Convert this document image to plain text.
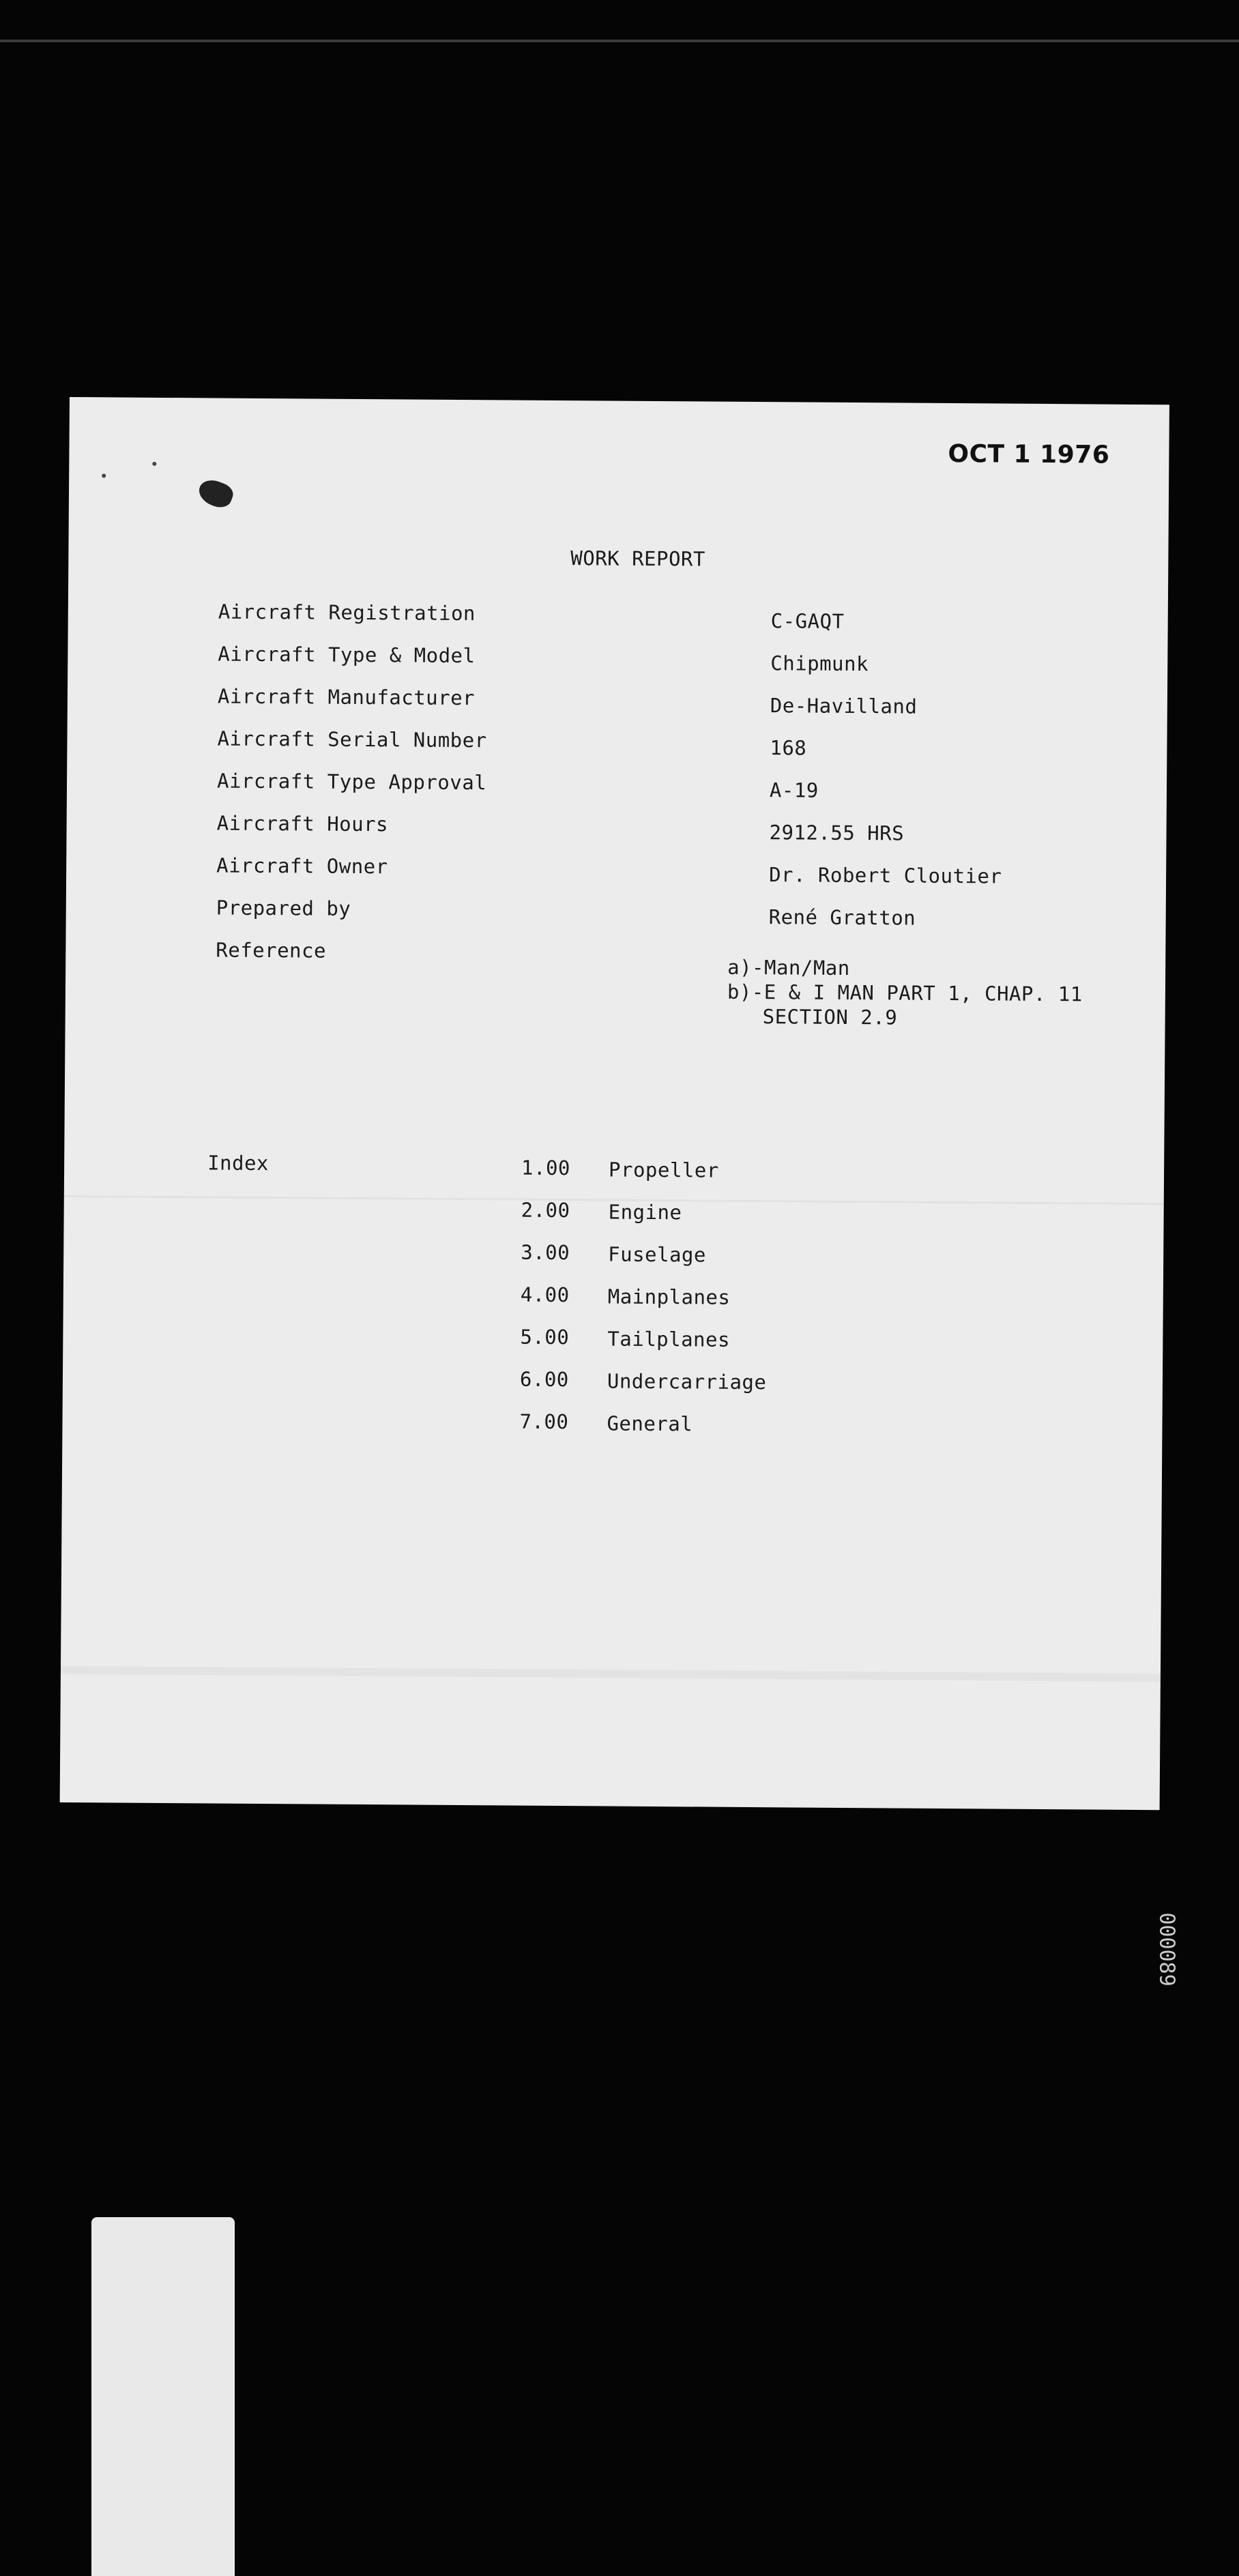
OCT 1 1976
WORK REPORT
Aircraft Registration
Aircraft Type & Model
Aircraft Manufacturer
Aircraft Serial Number
Aircraft Type Approval
Aircraft Hours
Aircraft Owner
Prepared by
Reference
C-GAQT
Chipmunk
De-Havilland
168
A-19
2912.55 HRS
Dr. Robert Cloutier
René Gratton
a)-Man/Man
b)-E & I MAN PART 1, CHAP. 11
SECTION 2.9
Index	1.00 Propeller
2.00 Engine
3.00 Fuselage
4.00 Mainplanes
5.00 Tailplanes
6.00 Undercarriage
7.00 General
000089
